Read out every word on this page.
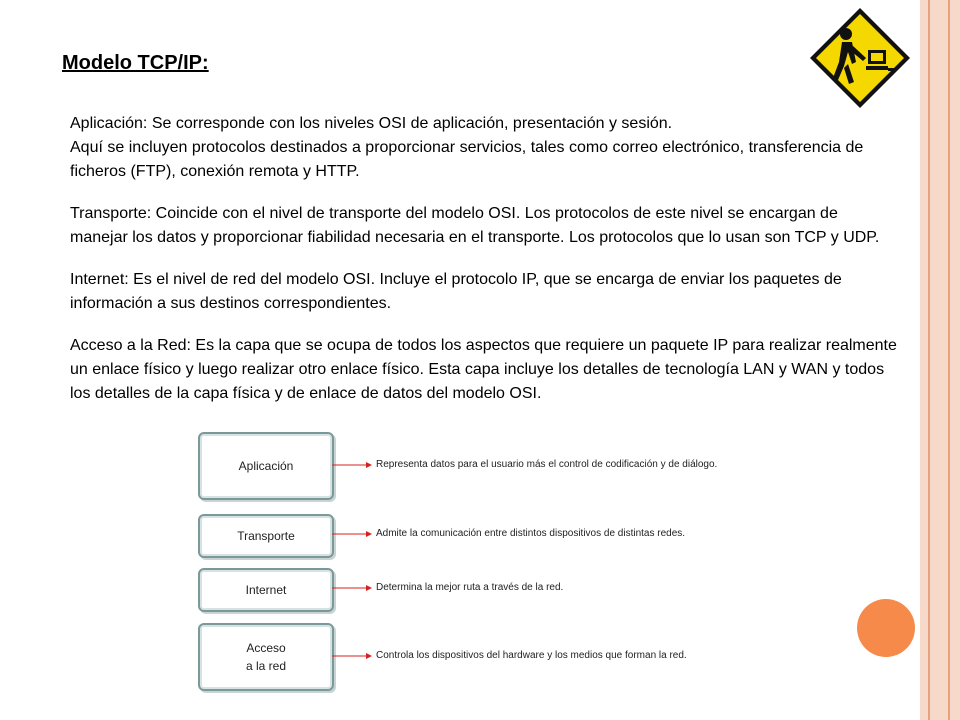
Modelo TCP/IP:

Aplicación: Se corresponde con los niveles OSI de aplicación, presentación y sesión.

Aquí se incluyen protocolos destinados a proporcionar servicios, tales como correo electrónico, transferencia de ficheros (FTP), conexión remota y HTTP.

Transporte: Coincide con el nivel de transporte del modelo OSI. Los protocolos de este nivel se encargan de manejar los datos y proporcionar fiabilidad necesaria en el transporte. Los protocolos que lo usan son TCP y UDP.

Internet: Es el nivel de red del modelo OSI. Incluye el protocolo IP, que se encarga de enviar los paquetes de información a sus destinos correspondientes.

Acceso a la Red: Es la capa que se ocupa de todos los aspectos que requiere un paquete IP para realizar realmente un enlace físico y luego realizar otro enlace físico. Esta capa incluye los detalles de tecnología LAN y WAN y todos los detalles de la capa física y de enlace de datos del modelo OSI.

Aplicación	Representa datos para el usuario más el control de codificación y de diálogo.
Transporte	Admite la comunicación entre distintos dispositivos de distintas redes.
Internet	Determina la mejor ruta a través de la red.
Acceso
a la red
Controla los dispositivos del hardware y los medios que forman la red.
